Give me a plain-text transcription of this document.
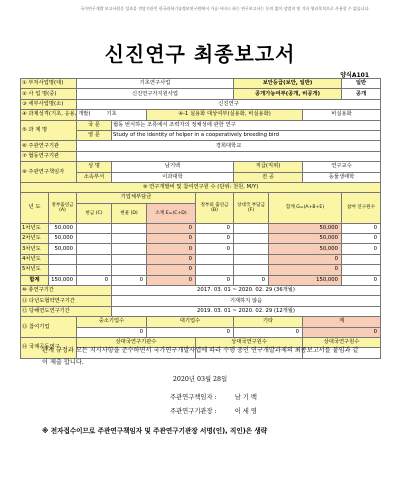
국가연구개발 보고서원문 성과물 전담기관인 한국과학기술정보연구원에서 가공·서비스 하는 연구보고서는 동의 없이 상업적 및 기타 영리목적으로 사용할 수 없습니다.
신진연구 최종보고서
양식A101
① 부처사업명(대)		기초연구사업				보안등급(보안, 일반)			일반
② 사 업 명(중)		신진연구자지원사업				공개가능여부(공개, 비공개)			공개
③ 세부사업명(소)		신진연구							
④ 과제성격(기초, 응용, 개발)		기초		④-1 실용화 대상여부(실용화, 비실용화)				비실용화	
⑤ 과 제 명		국 문	협동 번식하는 조류에서 조력자의 정체성에 관한 연구						
		영 문	Study of the identity of helper in a cooperatively breeding bird						
⑥ 주관연구기관		경희대학교							
⑦ 협동연구기관									
⑧ 주관연구책임자		성 명	남기백			직급(직위)		연구교수	
		소속부서	이과대학			전 공		동물생태학	
⑨ 연구개발비 및 참여연구원 수 (단위: 천원, M/Y)									
년 도	정부출연금 (A)	기업체부담금			정부외 출연금 (B)	상대국 부담금 (F)	합계 G=(A+B+E)		참여 연구원수
		현금 (C)	현물 (D)	소계 E=(C+D)					
1차년도	50,000			0	0		50,000		0
2차년도	50,000			0	0		50,000		0
3차년도	50,000			0	0		50,000		0
4차년도				0			0		
5차년도				0			0		
합계	150,000	0	0	0	0	0	150,000		0
⑩ 총연구기간			2017. 03. 01 ~ 2020. 02. 29 (36개월)						
⑪ 다년도협약연구기간			기재하지 않음						
⑫ 당해연도연구기간			2019. 03. 01 ~ 2020. 02. 29 (12개월)						
⑬ 참여기업		중소기업수		대기업수		기타		계	
		0		0		0		0	
⑭ 국제공동연구		상대국연구기관수			상대국연구원수			상대국연구원수	

관계 규정과 모든 지시사항을 준수하면서 국가연구개발사업에 따라 수행 중인 연구개발과제의 최종보고서를 붙임과 같이 제출 합니다.
2020년 03월 28일
주관연구책임자 :	남 기 백
주관연구기관장 :	이 세 영
※ 전자접수이므로 주관연구책임자 및 주관연구기관장 서명(인), 직인)은 생략
